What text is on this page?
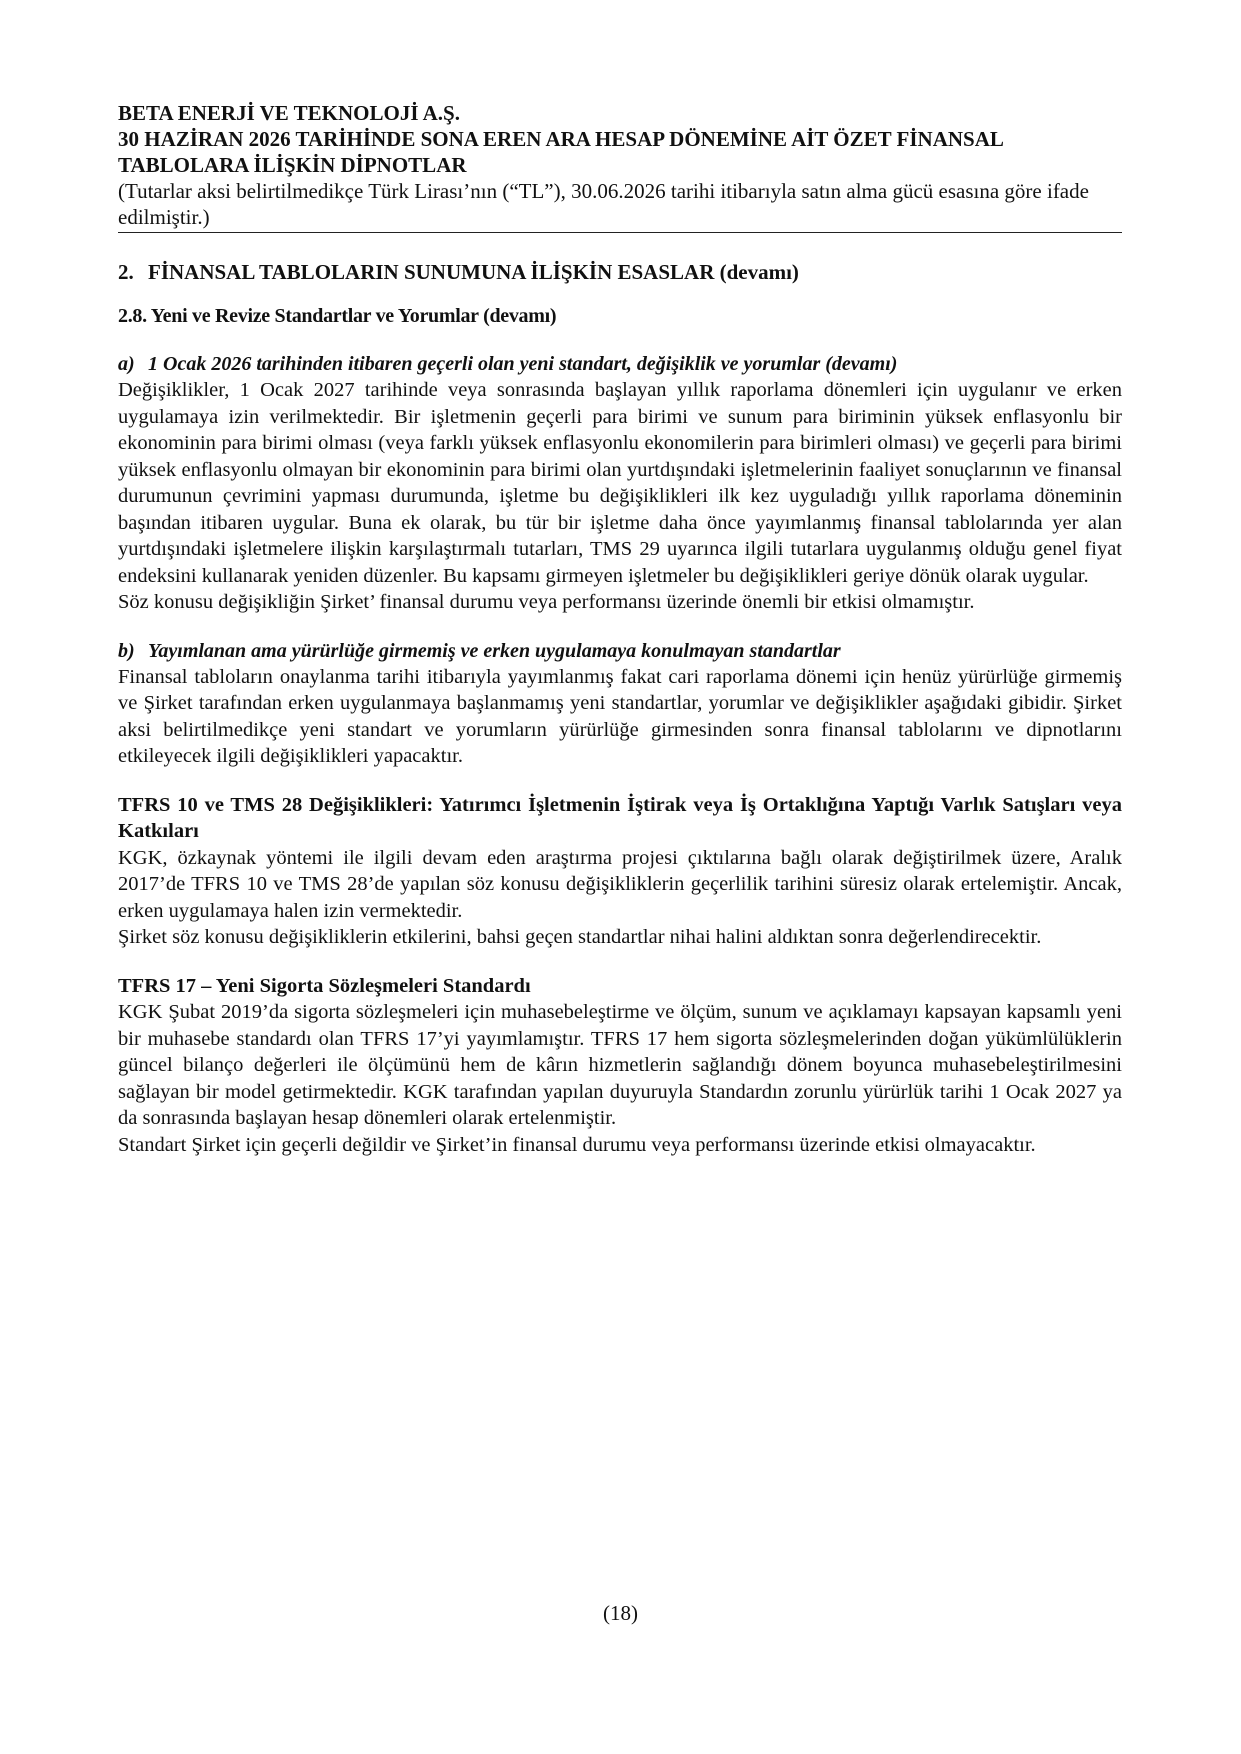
BETA ENERJİ VE TEKNOLOJİ A.Ş.
30 HAZİRAN 2026 TARİHİNDE SONA EREN ARA HESAP DÖNEMİNE AİT ÖZET FİNANSAL
TABLOLARA İLİŞKİN DİPNOTLAR
(Tutarlar aksi belirtilmedikçe Türk Lirası’nın (“TL”), 30.06.2026 tarihi itibarıyla satın alma gücü esasına göre ifade edilmiştir.)
2. FİNANSAL TABLOLARIN SUNUMUNA İLİŞKİN ESASLAR (devamı)
2.8. Yeni ve Revize Standartlar ve Yorumlar (devamı)
a) 1 Ocak 2026 tarihinden itibaren geçerli olan yeni standart, değişiklik ve yorumlar (devamı)

Değişiklikler, 1 Ocak 2027 tarihinde veya sonrasında başlayan yıllık raporlama dönemleri için uygulanır ve erken uygulamaya izin verilmektedir. Bir işletmenin geçerli para birimi ve sunum para biriminin yüksek enflasyonlu bir ekonominin para birimi olması (veya farklı yüksek enflasyonlu ekonomilerin para birimleri olması) ve geçerli para birimi yüksek enflasyonlu olmayan bir ekonominin para birimi olan yurtdışındaki işletmelerinin faaliyet sonuçlarının ve finansal durumunun çevrimini yapması durumunda, işletme bu değişiklikleri ilk kez uyguladığı yıllık raporlama döneminin başından itibaren uygular. Buna ek olarak, bu tür bir işletme daha önce yayımlanmış finansal tablolarında yer alan yurtdışındaki işletmelere ilişkin karşılaştırmalı tutarları, TMS 29 uyarınca ilgili tutarlara uygulanmış olduğu genel fiyat endeksini kullanarak yeniden düzenler. Bu kapsamı girmeyen işletmeler bu değişiklikleri geriye dönük olarak uygular.

Söz konusu değişikliğin Şirket’ finansal durumu veya performansı üzerinde önemli bir etkisi olmamıştır.

b) Yayımlanan ama yürürlüğe girmemiş ve erken uygulamaya konulmayan standartlar

Finansal tabloların onaylanma tarihi itibarıyla yayımlanmış fakat cari raporlama dönemi için henüz yürürlüğe girmemiş ve Şirket tarafından erken uygulanmaya başlanmamış yeni standartlar, yorumlar ve değişiklikler aşağıdaki gibidir. Şirket aksi belirtilmedikçe yeni standart ve yorumların yürürlüğe girmesinden sonra finansal tablolarını ve dipnotlarını etkileyecek ilgili değişiklikleri yapacaktır.

TFRS 10 ve TMS 28 Değişiklikleri: Yatırımcı İşletmenin İştirak veya İş Ortaklığına Yaptığı Varlık Satışları veya Katkıları

KGK, özkaynak yöntemi ile ilgili devam eden araştırma projesi çıktılarına bağlı olarak değiştirilmek üzere, Aralık 2017’de TFRS 10 ve TMS 28’de yapılan söz konusu değişikliklerin geçerlilik tarihini süresiz olarak ertelemiştir. Ancak, erken uygulamaya halen izin vermektedir.

Şirket söz konusu değişikliklerin etkilerini, bahsi geçen standartlar nihai halini aldıktan sonra değerlendirecektir.

TFRS 17 – Yeni Sigorta Sözleşmeleri Standardı

KGK Şubat 2019’da sigorta sözleşmeleri için muhasebeleştirme ve ölçüm, sunum ve açıklamayı kapsayan kapsamlı yeni bir muhasebe standardı olan TFRS 17’yi yayımlamıştır. TFRS 17 hem sigorta sözleşmelerinden doğan yükümlülüklerin güncel bilanço değerleri ile ölçümünü hem de kârın hizmetlerin sağlandığı dönem boyunca muhasebeleştirilmesini sağlayan bir model getirmektedir. KGK tarafından yapılan duyuruyla Standardın zorunlu yürürlük tarihi 1 Ocak 2027 ya da sonrasında başlayan hesap dönemleri olarak ertelenmiştir.

Standart Şirket için geçerli değildir ve Şirket’in finansal durumu veya performansı üzerinde etkisi olmayacaktır.

(18)
